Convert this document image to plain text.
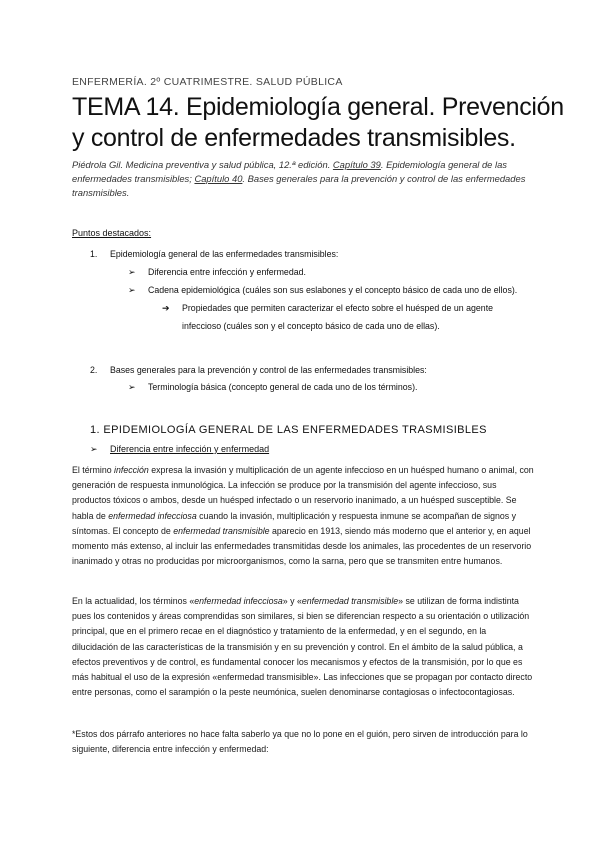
ENFERMERÍA. 2º CUATRIMESTRE. SALUD PÚBLICA
TEMA 14. Epidemiología general. Prevención y control de enfermedades transmisibles.
Piédrola Gil. Medicina preventiva y salud pública, 12.ª edición. Capítulo 39. Epidemiología general de las enfermedades transmisibles; Capítulo 40. Bases generales para la prevención y control de las enfermedades transmisibles.
Puntos destacados:
1. Epidemiología general de las enfermedades transmisibles:
➢ Diferencia entre infección y enfermedad.
➢ Cadena epidemiológica (cuáles son sus eslabones y el concepto básico de cada uno de ellos).
➔ Propiedades que permiten caracterizar el efecto sobre el huésped de un agente
infeccioso (cuáles son y el concepto básico de cada uno de ellas).
2. Bases generales para la prevención y control de las enfermedades transmisibles:
➢ Terminología básica (concepto general de cada uno de los términos).
1. EPIDEMIOLOGÍA GENERAL DE LAS ENFERMEDADES TRASMISIBLES
➢ Diferencia entre infección y enfermedad
El término infección expresa la invasión y multiplicación de un agente infeccioso en un huésped humano o animal, con generación de respuesta inmunológica. La infección se produce por la transmisión del agente infeccioso, sus productos tóxicos o ambos, desde un huésped infectado o un reservorio inanimado, a un huésped susceptible. Se habla de enfermedad infecciosa cuando la invasión, multiplicación y respuesta inmune se acompañan de signos y síntomas. El concepto de enfermedad transmisible aparecio en 1913, siendo más moderno que el anterior y, en aquel momento más extenso, al incluir las enfermedades transmitidas desde los animales, las procedentes de un reservorio inanimado y otras no producidas por microorganismos, como la sarna, pero que se transmiten entre humanos.
En la actualidad, los términos «enfermedad infecciosa» y «enfermedad transmisible» se utilizan de forma indistinta pues los contenidos y áreas comprendidas son similares, si bien se diferencian respecto a su orientación o utilización principal, que en el primero recae en el diagnóstico y tratamiento de la enfermedad, y en el segundo, en la dilucidación de las características de la transmisión y en su prevención y control. En el ámbito de la salud pública, a efectos preventivos y de control, es fundamental conocer los mecanismos y efectos de la transmisión, por lo que es más habitual el uso de la expresión «enfermedad transmisible». Las infecciones que se propagan por contacto directo entre personas, como el sarampión o la peste neumónica, suelen denominarse contagiosas o infectocontagiosas.
*Estos dos párrafo anteriores no hace falta saberlo ya que no lo pone en el guión, pero sirven de introducción para lo siguiente, diferencia entre infección y enfermedad:
